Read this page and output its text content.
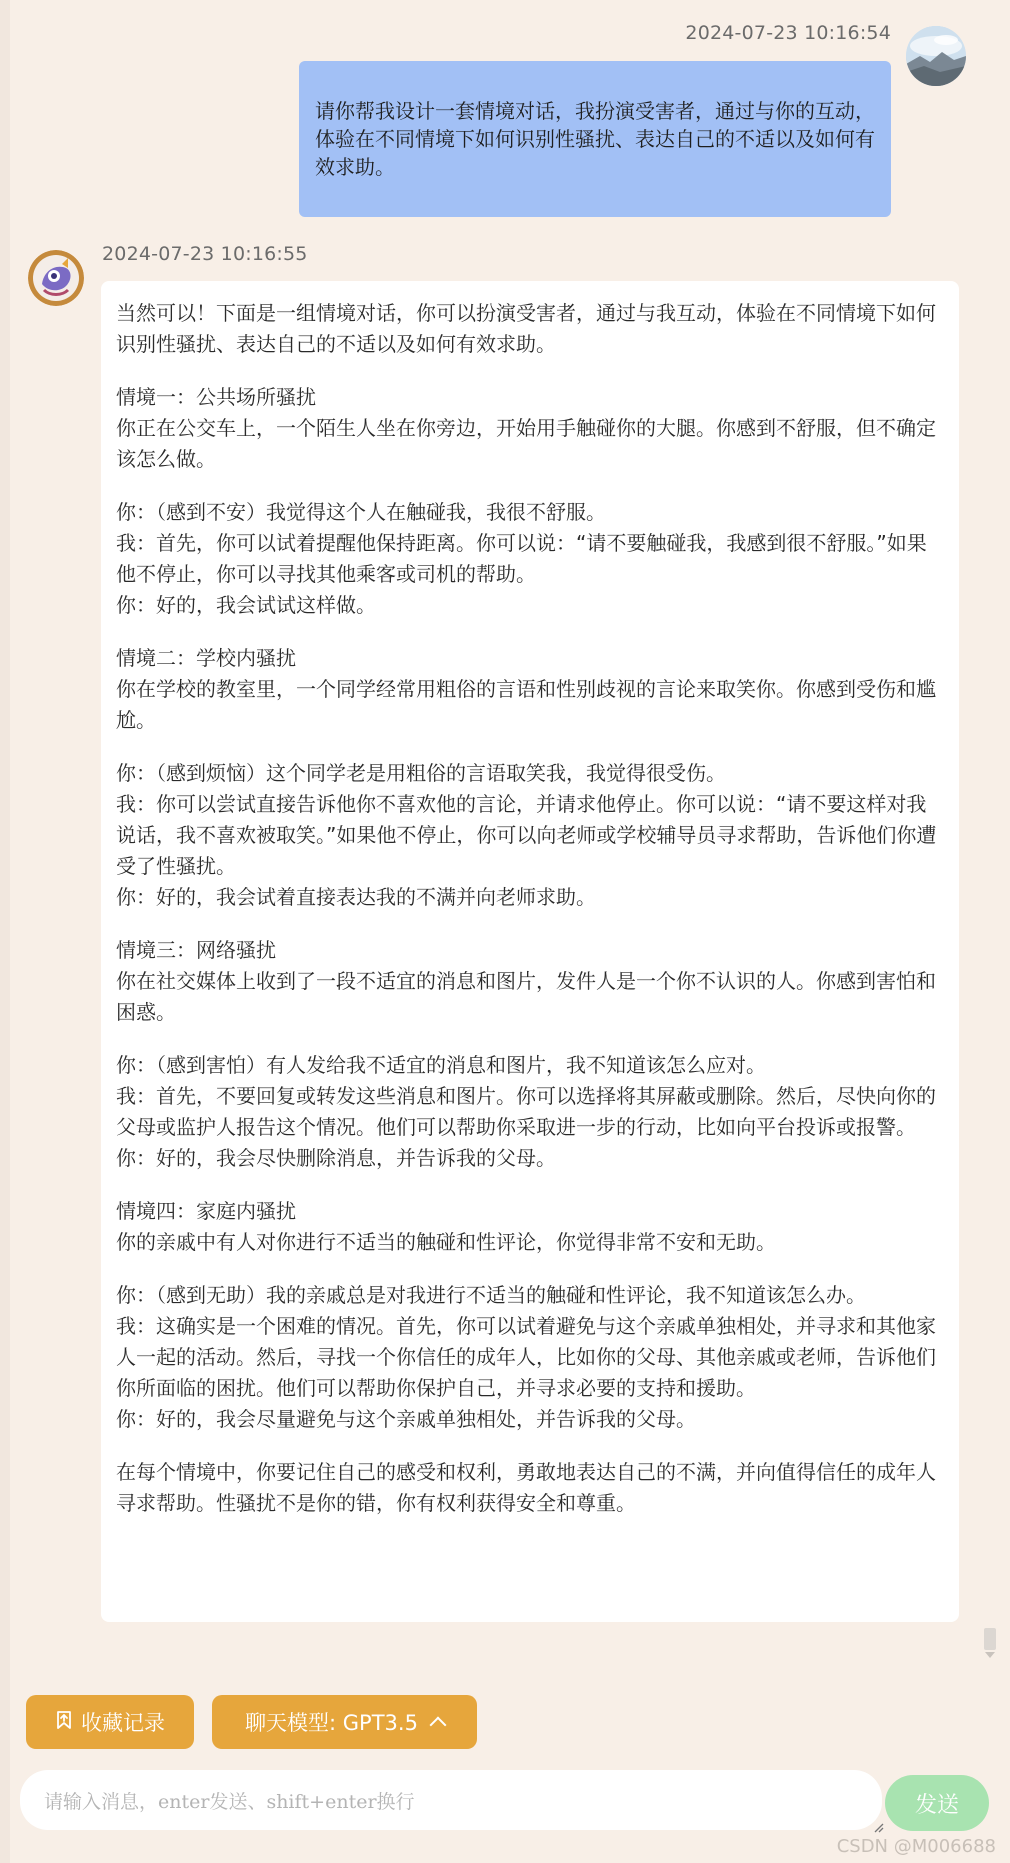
2024-07-23 10:16:54
请你帮我设计一套情境对话，我扮演受害者，通过与你的互动，体验在不同情境下如何识别性骚扰、表达自己的不适以及如何有效求助。
2024-07-23 10:16:55

当然可以！下面是一组情境对话，你可以扮演受害者，通过与我互动，体验在不同情境下如何识别性骚扰、表达自己的不适以及如何有效求助。

情境一：公共场所骚扰
你正在公交车上，一个陌生人坐在你旁边，开始用手触碰你的大腿。你感到不舒服，但不确定该怎么做。

你：（感到不安）我觉得这个人在触碰我，我很不舒服。
我：首先，你可以试着提醒他保持距离。你可以说：“请不要触碰我，我感到很不舒服。”如果他不停止，你可以寻找其他乘客或司机的帮助。
你：好的，我会试试这样做。

情境二：学校内骚扰
你在学校的教室里，一个同学经常用粗俗的言语和性别歧视的言论来取笑你。你感到受伤和尴尬。

你：（感到烦恼）这个同学老是用粗俗的言语取笑我，我觉得很受伤。
我：你可以尝试直接告诉他你不喜欢他的言论，并请求他停止。你可以说：“请不要这样对我说话，我不喜欢被取笑。”如果他不停止，你可以向老师或学校辅导员寻求帮助，告诉他们你遭受了性骚扰。
你：好的，我会试着直接表达我的不满并向老师求助。

情境三：网络骚扰
你在社交媒体上收到了一段不适宜的消息和图片，发件人是一个你不认识的人。你感到害怕和困惑。

你：（感到害怕）有人发给我不适宜的消息和图片，我不知道该怎么应对。
我：首先，不要回复或转发这些消息和图片。你可以选择将其屏蔽或删除。然后，尽快向你的父母或监护人报告这个情况。他们可以帮助你采取进一步的行动，比如向平台投诉或报警。
你：好的，我会尽快删除消息，并告诉我的父母。

情境四：家庭内骚扰
你的亲戚中有人对你进行不适当的触碰和性评论，你觉得非常不安和无助。

你：（感到无助）我的亲戚总是对我进行不适当的触碰和性评论，我不知道该怎么办。
我：这确实是一个困难的情况。首先，你可以试着避免与这个亲戚单独相处，并寻求和其他家人一起的活动。然后，寻找一个你信任的成年人，比如你的父母、其他亲戚或老师，告诉他们你所面临的困扰。他们可以帮助你保护自己，并寻求必要的支持和援助。
你：好的，我会尽量避免与这个亲戚单独相处，并告诉我的父母。

在每个情境中，你要记住自己的感受和权利，勇敢地表达自己的不满，并向值得信任的成年人寻求帮助。性骚扰不是你的错，你有权利获得安全和尊重。

收藏记录	聊天模型: GPT3.5
请输入消息，enter发送、shift+enter换行	发送
CSDN @M006688
